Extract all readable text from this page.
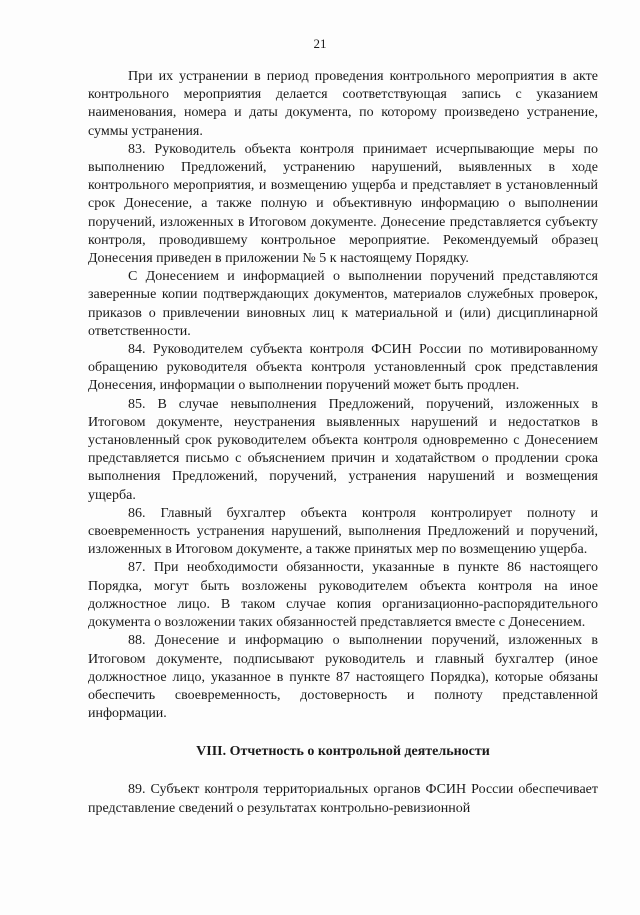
21

При их устранении в период проведения контрольного мероприятия в акте контрольного мероприятия делается соответствующая запись с указанием наименования, номера и даты документа, по которому произведено устранение, суммы устранения.

83. Руководитель объекта контроля принимает исчерпывающие меры по выполнению Предложений, устранению нарушений, выявленных в ходе контрольного мероприятия, и возмещению ущерба и представляет в установленный срок Донесение, а также полную и объективную информацию о выполнении поручений, изложенных в Итоговом документе. Донесение представляется субъекту контроля, проводившему контрольное мероприятие. Рекомендуемый образец Донесения приведен в приложении № 5 к настоящему Порядку.

С Донесением и информацией о выполнении поручений представляются заверенные копии подтверждающих документов, материалов служебных проверок, приказов о привлечении виновных лиц к материальной и (или) дисциплинарной ответственности.

84. Руководителем субъекта контроля ФСИН России по мотивированному обращению руководителя объекта контроля установленный срок представления Донесения, информации о выполнении поручений может быть продлен.

85. В случае невыполнения Предложений, поручений, изложенных в Итоговом документе, неустранения выявленных нарушений и недостатков в установленный срок руководителем объекта контроля одновременно с Донесением представляется письмо с объяснением причин и ходатайством о продлении срока выполнения Предложений, поручений, устранения нарушений и возмещения ущерба.

86. Главный бухгалтер объекта контроля контролирует полноту и своевременность устранения нарушений, выполнения Предложений и поручений, изложенных в Итоговом документе, а также принятых мер по возмещению ущерба.

87. При необходимости обязанности, указанные в пункте 86 настоящего Порядка, могут быть возложены руководителем объекта контроля на иное должностное лицо. В таком случае копия организационно-распорядительного документа о возложении таких обязанностей представляется вместе с Донесением.

88. Донесение и информацию о выполнении поручений, изложенных в Итоговом документе, подписывают руководитель и главный бухгалтер (иное должностное лицо, указанное в пункте 87 настоящего Порядка), которые обязаны обеспечить своевременность, достоверность и полноту представленной информации.

VIII. Отчетность о контрольной деятельности

89. Субъект контроля территориальных органов ФСИН России обеспечивает представление сведений о результатах контрольно-ревизионной
